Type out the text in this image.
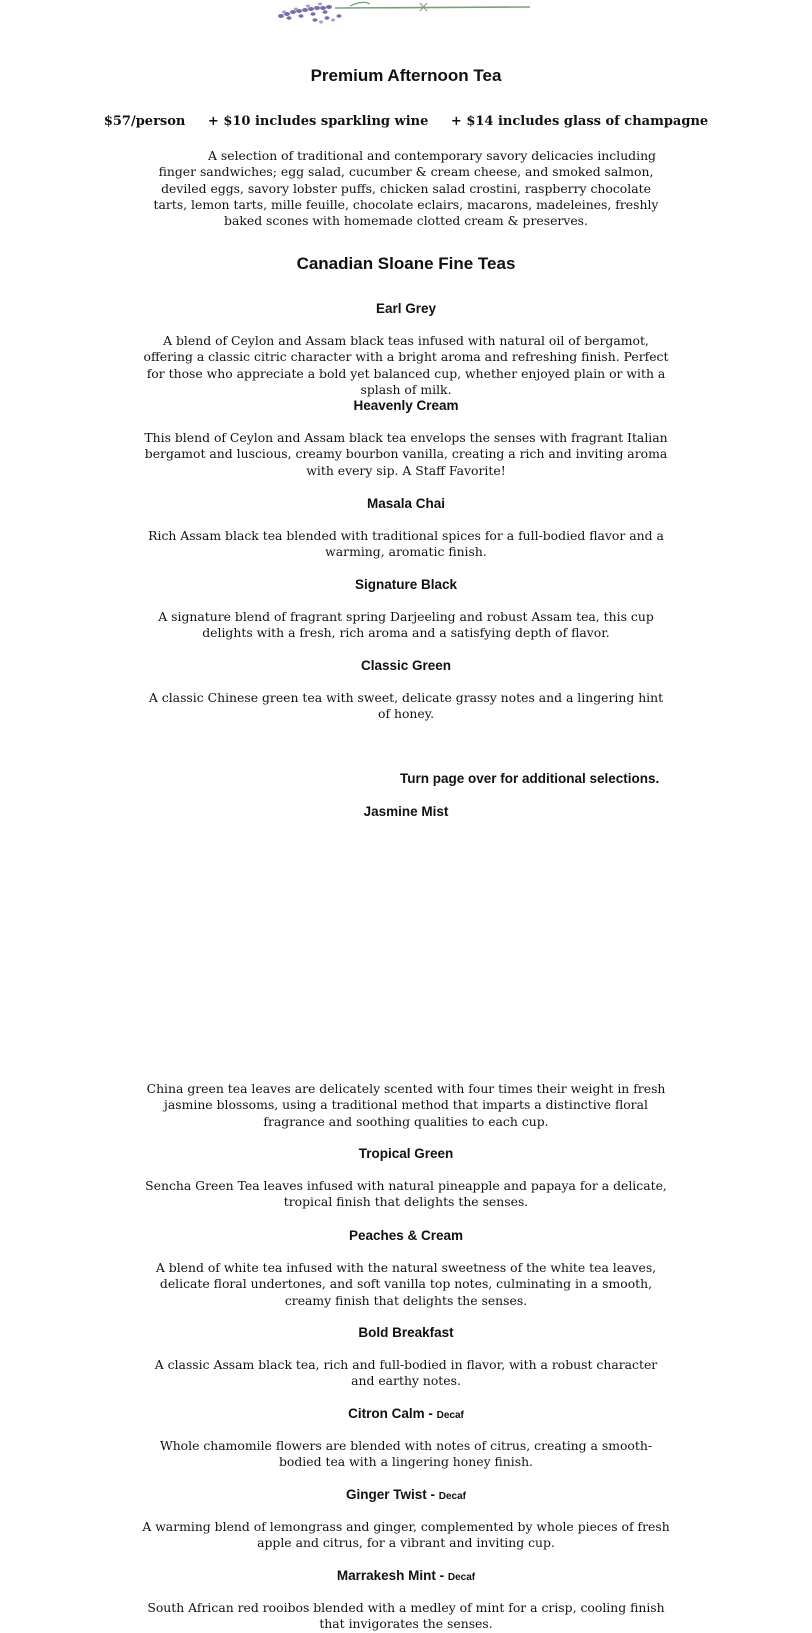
Premium Afternoon Tea
$57/person + $10 includes sparkling wine + $14 includes glass of champagne
A selection of traditional and contemporary savory delicacies including finger sandwiches; egg salad, cucumber & cream cheese, and smoked salmon, deviled eggs, savory lobster puffs, chicken salad crostini, raspberry chocolate tarts, lemon tarts, mille feuille, chocolate eclairs, macarons, madeleines, freshly baked scones with homemade clotted cream & preserves.
Canadian Sloane Fine Teas
Earl Grey
A blend of Ceylon and Assam black teas infused with natural oil of bergamot, offering a classic citric character with a bright aroma and refreshing finish. Perfect for those who appreciate a bold yet balanced cup, whether enjoyed plain or with a splash of milk.
Heavenly Cream
This blend of Ceylon and Assam black tea envelops the senses with fragrant Italian bergamot and luscious, creamy bourbon vanilla, creating a rich and inviting aroma with every sip. A Staff Favorite!
Masala Chai
Rich Assam black tea blended with traditional spices for a full-bodied flavor and a warming, aromatic finish.
Signature Black
A signature blend of fragrant spring Darjeeling and robust Assam tea, this cup delights with a fresh, rich aroma and a satisfying depth of flavor.
Classic Green
A classic Chinese green tea with sweet, delicate grassy notes and a lingering hint of honey.
Turn page over for additional selections.
Jasmine Mist
China green tea leaves are delicately scented with four times their weight in fresh jasmine blossoms, using a traditional method that imparts a distinctive floral fragrance and soothing qualities to each cup.
Tropical Green
Sencha Green Tea leaves infused with natural pineapple and papaya for a delicate, tropical finish that delights the senses.
Peaches & Cream
A blend of white tea infused with the natural sweetness of the white tea leaves, delicate floral undertones, and soft vanilla top notes, culminating in a smooth, creamy finish that delights the senses.
Bold Breakfast
A classic Assam black tea, rich and full-bodied in flavor, with a robust character and earthy notes.
Citron Calm - Decaf
Whole chamomile flowers are blended with notes of citrus, creating a smooth-bodied tea with a lingering honey finish.
Ginger Twist - Decaf
A warming blend of lemongrass and ginger, complemented by whole pieces of fresh apple and citrus, for a vibrant and inviting cup.
Marrakesh Mint - Decaf
South African red rooibos blended with a medley of mint for a crisp, cooling finish that invigorates the senses.
